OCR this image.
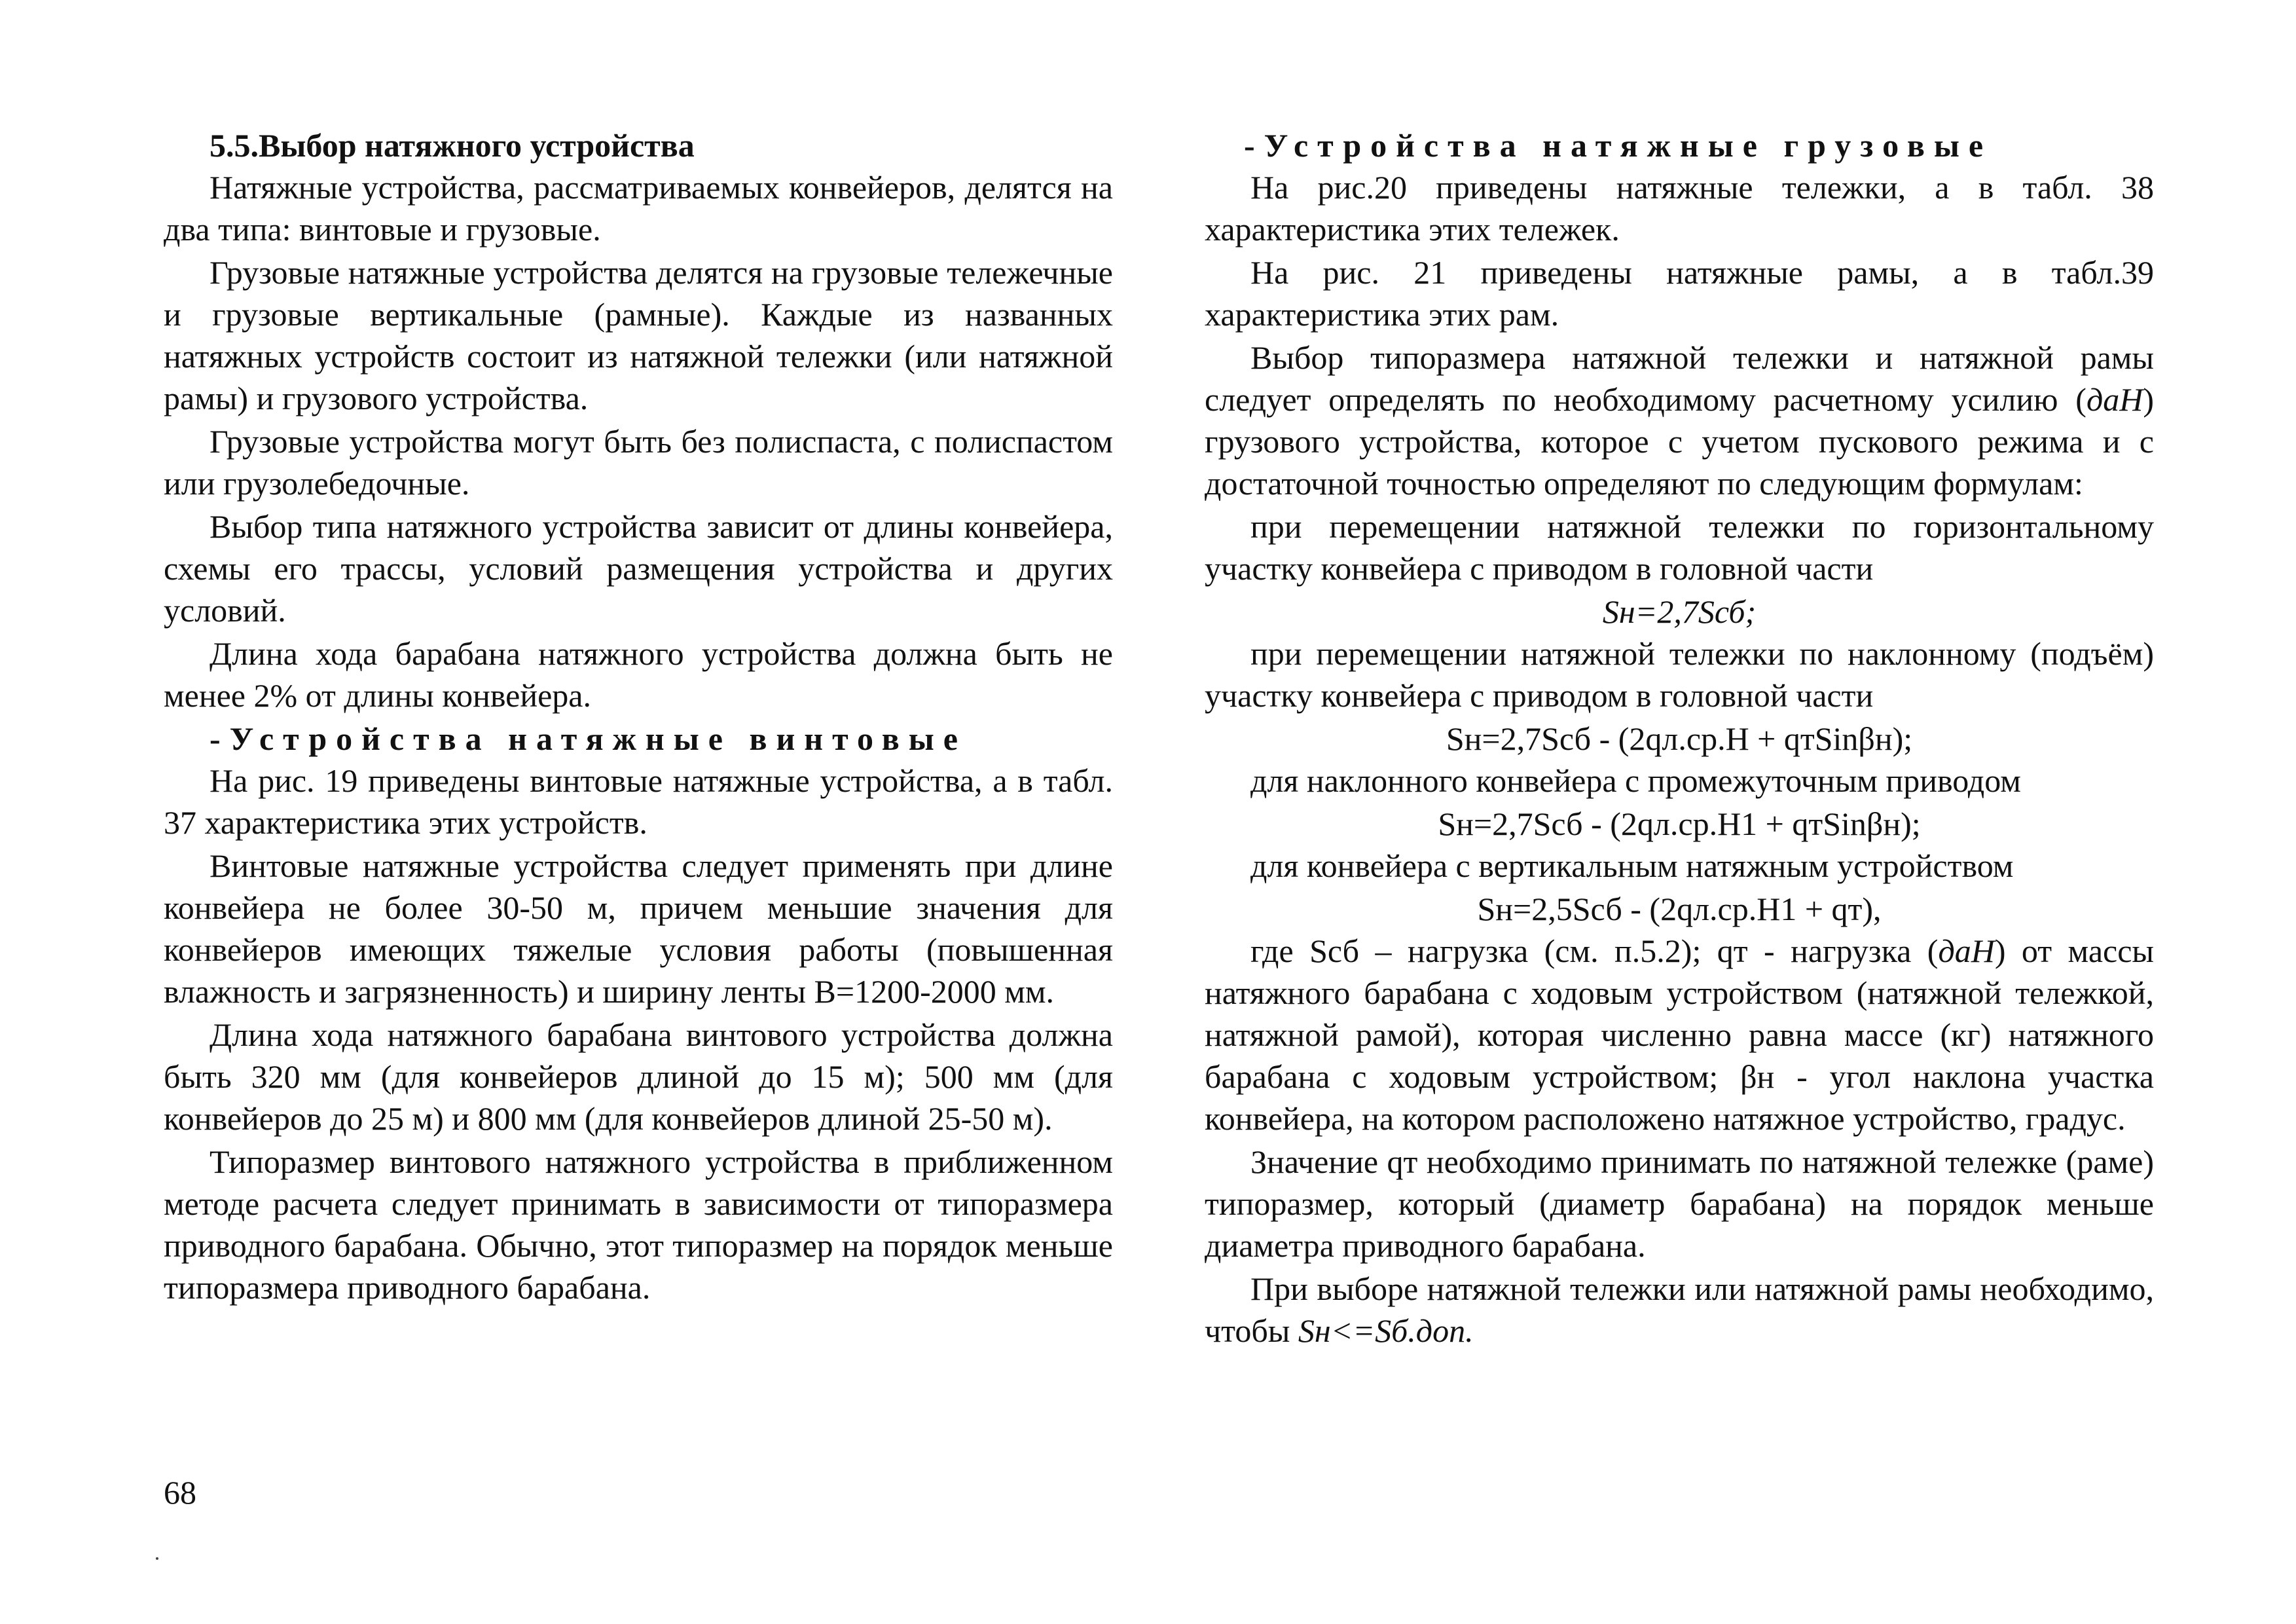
5.5.Выбор натяжного устройства

Натяжные устройства, рассматриваемых конвейеров, делятся на два типа: винтовые и грузовые.

Грузовые натяжные устройства делятся на грузовые тележечные и грузовые вертикальные (рамные). Каждые из названных натяжных устройств состоит из натяжной тележки (или натяжной рамы) и грузового устройства.

Грузовые устройства могут быть без полиспаста, с полиспастом или грузолебедочные.

Выбор типа натяжного устройства зависит от длины конвейера, схемы его трассы, условий размещения устройства и других условий.

Длина хода барабана натяжного устройства должна быть не менее 2% от длины конвейера.

-Устройства натяжные винтовые

На рис. 19 приведены винтовые натяжные устройства, а в табл. 37 характеристика этих устройств.

Винтовые натяжные устройства следует применять при длине конвейера не более 30-50 м, причем меньшие значения для конвейеров имеющих тяжелые условия работы (повышенная влажность и загрязненность) и ширину ленты В=1200-2000 мм.

Длина хода натяжного барабана винтового устройства должна быть 320 мм (для конвейеров длиной до 15 м); 500 мм (для конвейеров до 25 м) и 800 мм (для конвейеров длиной 25-50 м).

Типоразмер винтового натяжного устройства в приближенном методе расчета следует принимать в зависимости от типоразмера приводного барабана. Обычно, этот типоразмер на порядок меньше типоразмера приводного барабана.

68
-Устройства натяжные грузовые

На рис.20 приведены натяжные тележки, а в табл. 38 характеристика этих тележек.

На рис. 21 приведены натяжные рамы, а в табл.39 характеристика этих рам.

Выбор типоразмера натяжной тележки и натяжной рамы следует определять по необходимому расчетному усилию (даН) грузового устройства, которое с учетом пускового режима и с достаточной точностью определяют по следующим формулам:

при перемещении натяжной тележки по горизонтальному участку конвейера с приводом в головной части

Sн=2,7Sсб;

при перемещении натяжной тележки по наклонному (подъём) участку конвейера с приводом в головной части

Sн=2,7Sсб - (2qл.ср.H + qтSinβн);

для наклонного конвейера с промежуточным приводом

Sн=2,7Sсб - (2qл.ср.H1 + qтSinβн);

для конвейера с вертикальным натяжным устройством

Sн=2,5Sсб - (2qл.ср.H1 + qт),

где Sсб – нагрузка (см. п.5.2); qт - нагрузка (даН) от массы натяжного барабана с ходовым устройством (натяжной тележкой, натяжной рамой), которая численно равна массе (кг) натяжного барабана с ходовым устройством; βн - угол наклона участка конвейера, на котором расположено натяжное устройство, градус.

Значение qт необходимо принимать по натяжной тележке (раме) типоразмер, который (диаметр барабана) на порядок меньше диаметра приводного барабана.

При выборе натяжной тележки или натяжной рамы необходимо, чтобы Sн<=Sб.доп.
